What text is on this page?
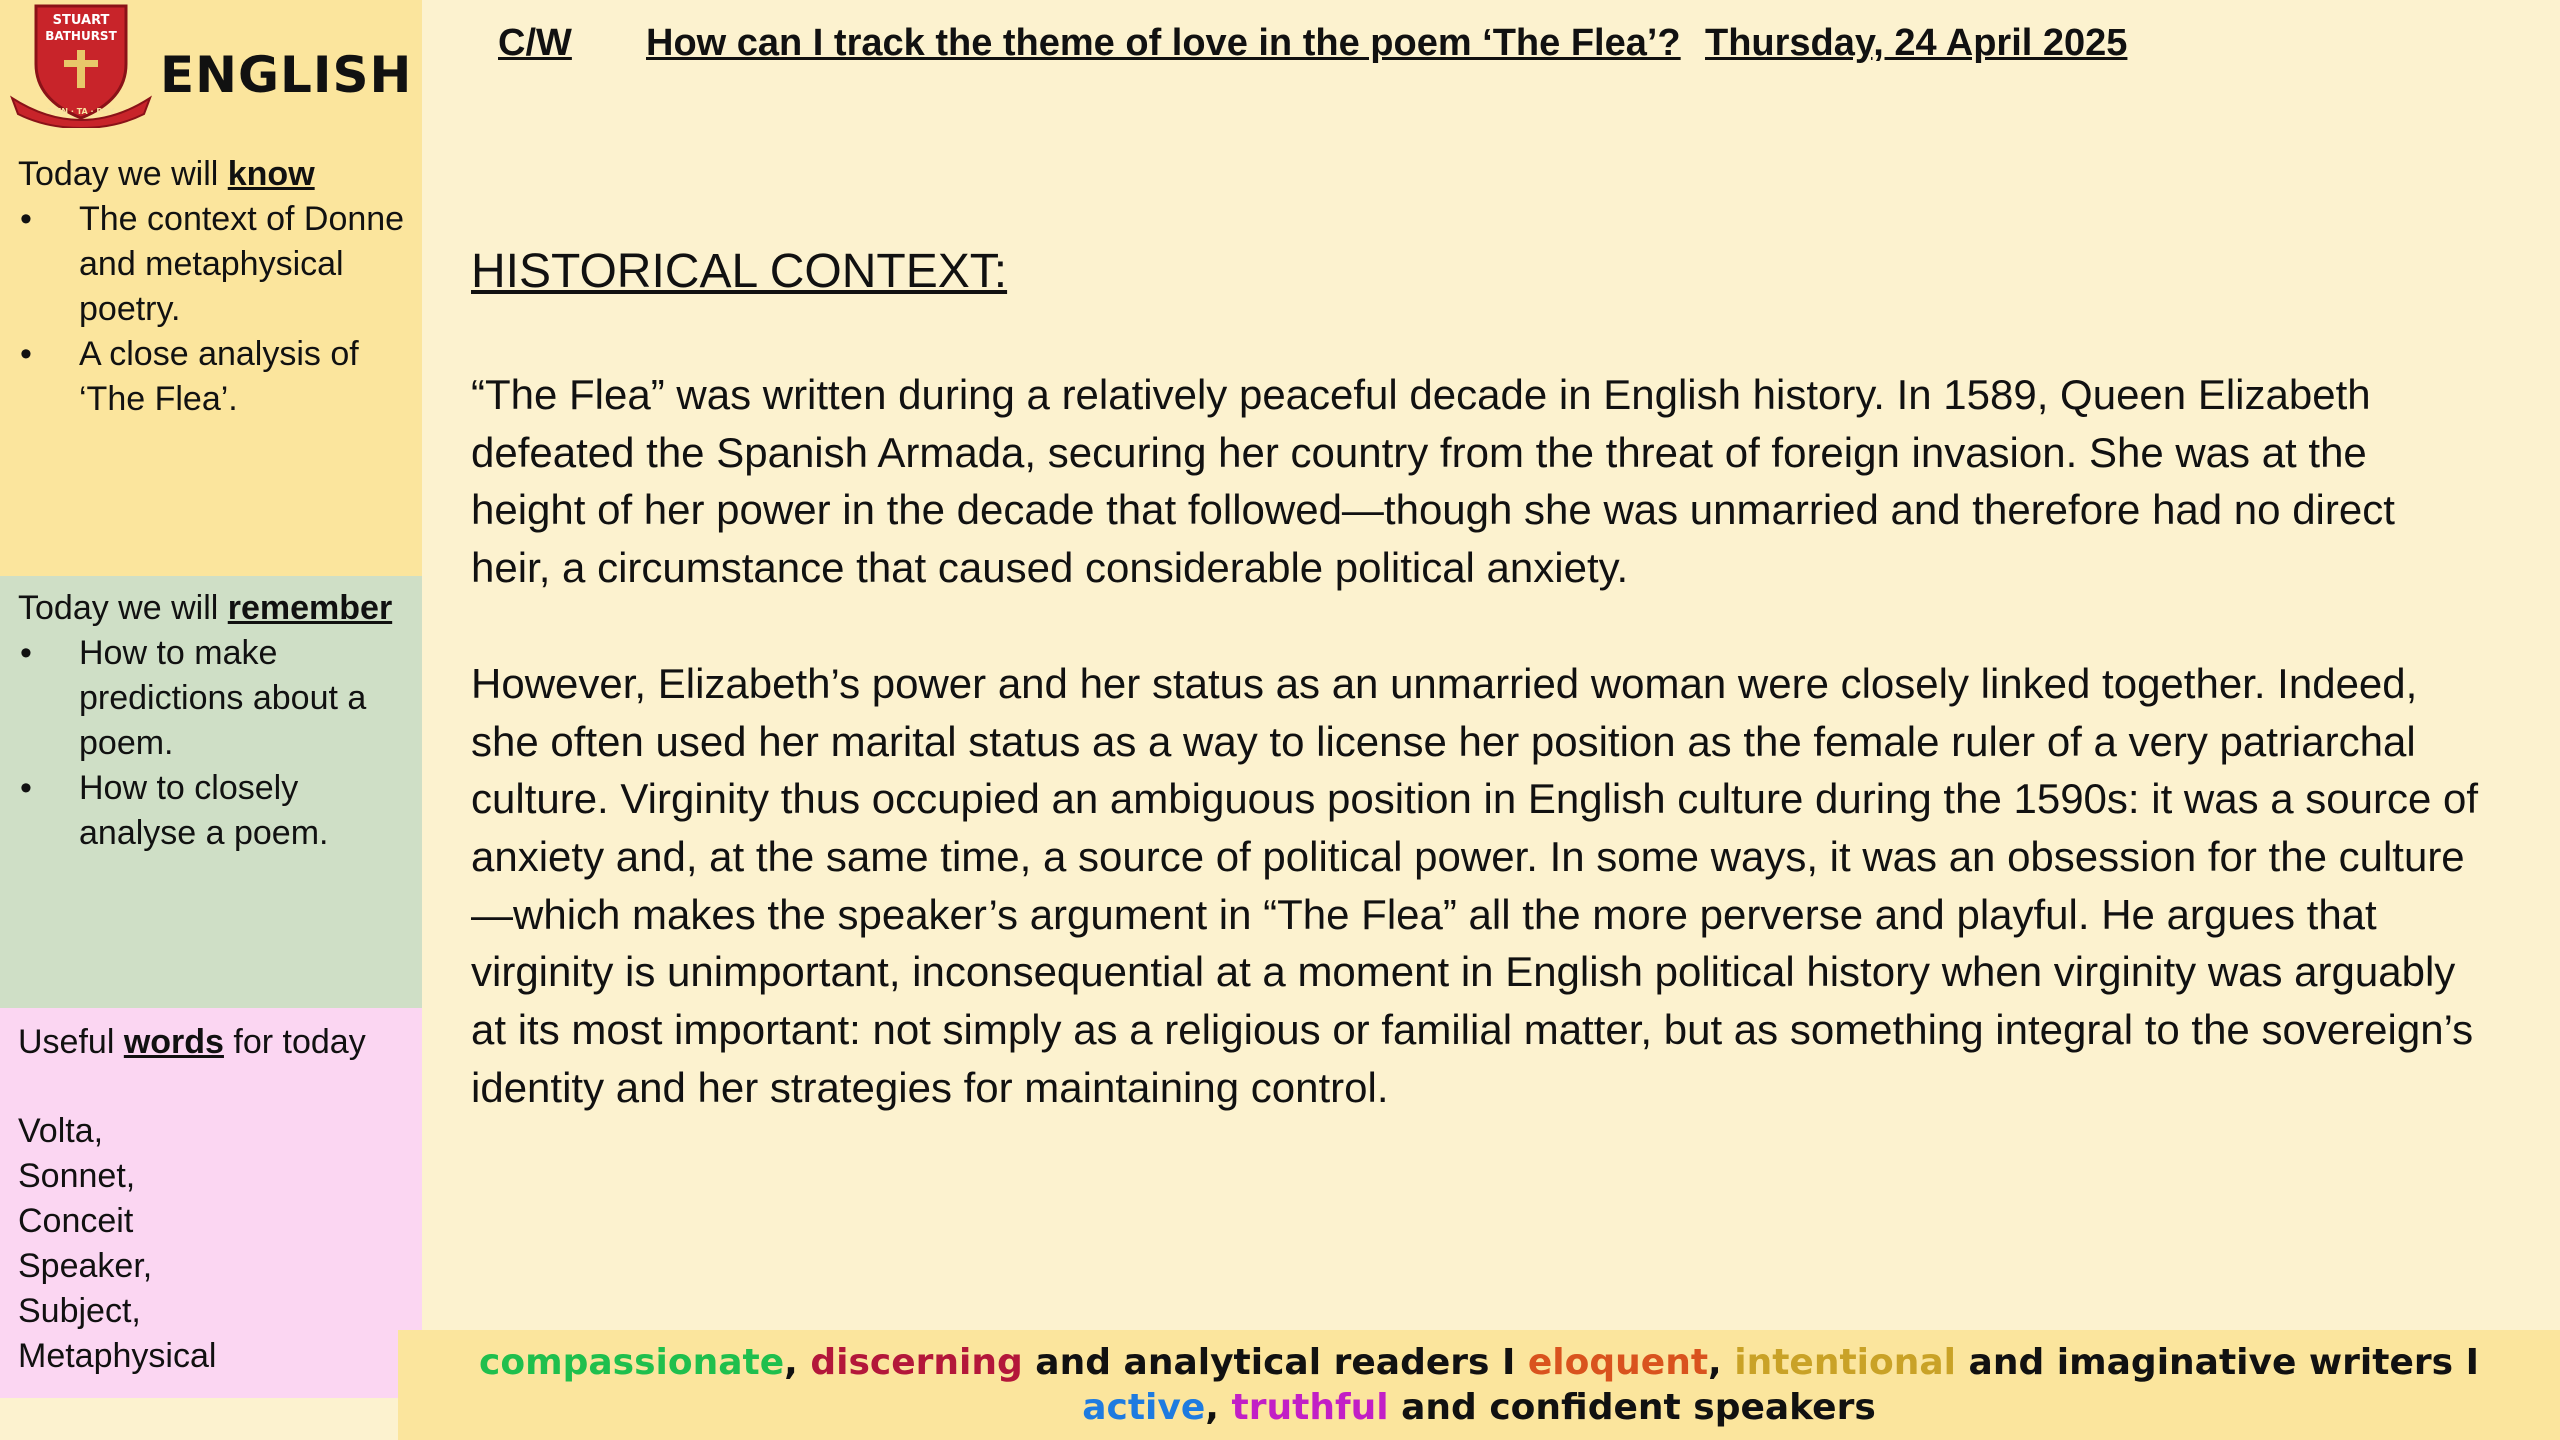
STUART
BATHURST
TIEN · TA · POY
ENGLISH
Today we will know
• The context of Donne and metaphysical poetry.
• A close analysis of ‘The Flea’.
Today we will remember
• How to make predictions about a poem.
• How to closely analyse a poem.
Useful words for today
Volta,
Sonnet,
Conceit
Speaker,
Subject,
Metaphysical
C/W How can I track the theme of love in the poem ‘The Flea’? Thursday, 24 April 2025
HISTORICAL CONTEXT:

“The Flea” was written during a relatively peaceful decade in English history. In 1589, Queen Elizabeth defeated the Spanish Armada, securing her country from the threat of foreign invasion. She was at the height of her power in the decade that followed—though she was unmarried and therefore had no direct heir, a circumstance that caused considerable political anxiety.

However, Elizabeth’s power and her status as an unmarried woman were closely linked together. Indeed, she often used her marital status as a way to license her position as the female ruler of a very patriarchal culture. Virginity thus occupied an ambiguous position in English culture during the 1590s: it was a source of anxiety and, at the same time, a source of political power. In some ways, it was an obsession for the culture—which makes the speaker’s argument in “The Flea” all the more perverse and playful. He argues that virginity is unimportant, inconsequential at a moment in English political history when virginity was arguably at its most important: not simply as a religious or familial matter, but as something integral to the sovereign’s identity and her strategies for maintaining control.

compassionate, discerning and analytical readers I eloquent, intentional and imaginative writers I
active, truthful and confident speakers
